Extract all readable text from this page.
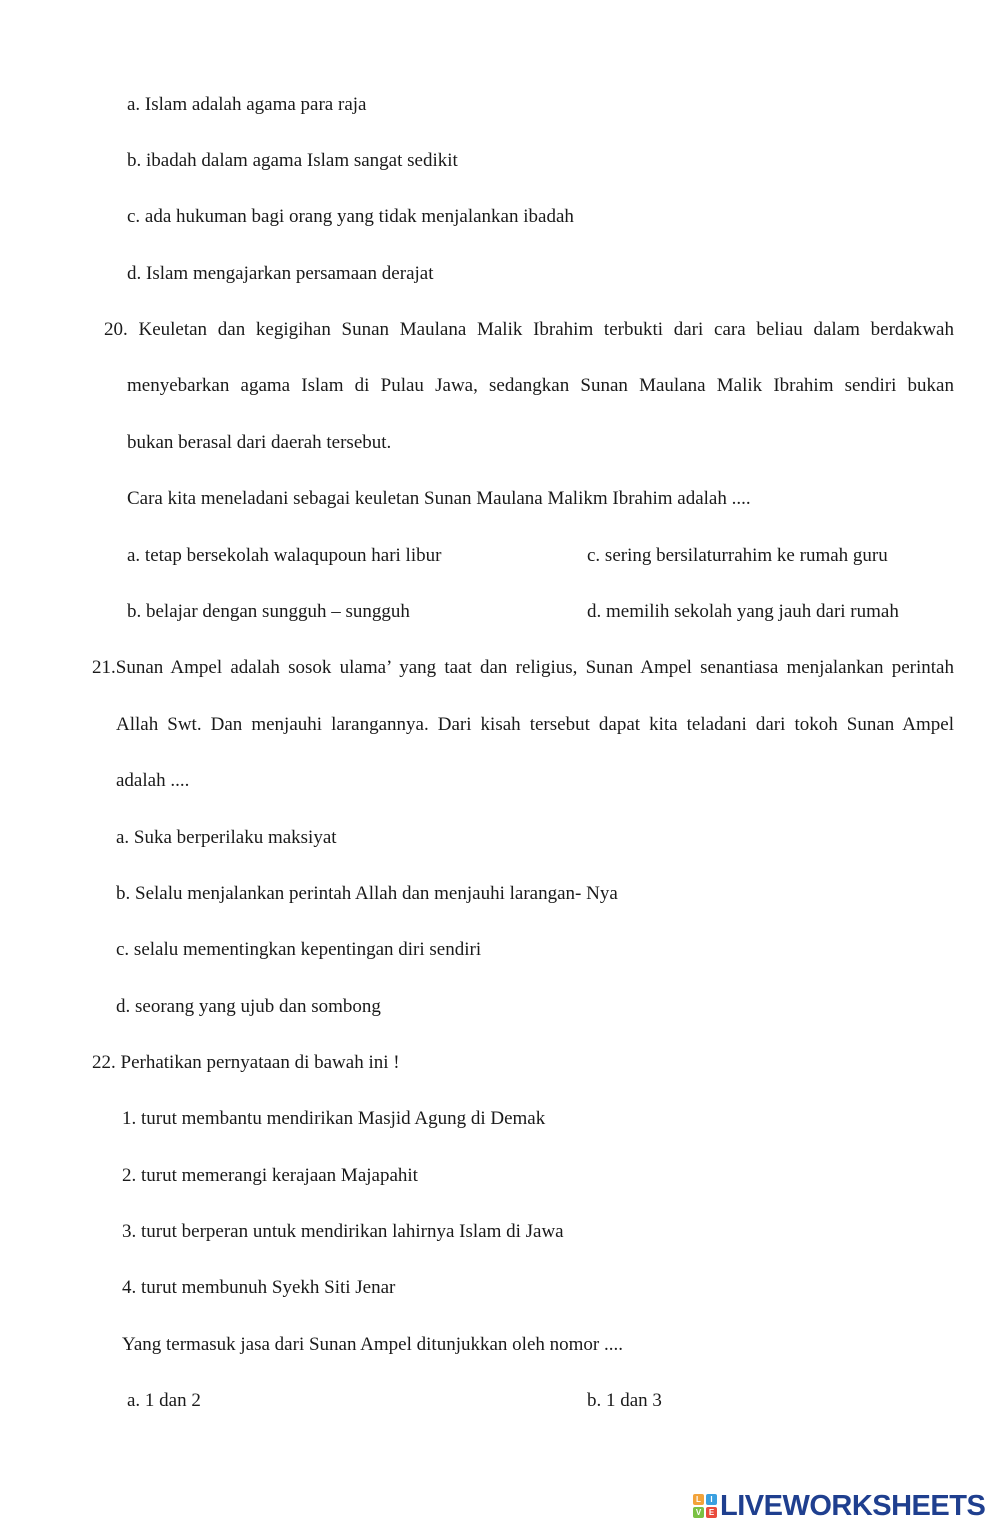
a. Islam adalah agama para raja
b. ibadah dalam agama Islam sangat sedikit
c. ada hukuman bagi orang yang tidak menjalankan ibadah
d. Islam mengajarkan persamaan derajat
20. Keuletan dan kegigihan Sunan Maulana Malik Ibrahim terbukti dari cara beliau dalam berdakwah
menyebarkan agama Islam di Pulau Jawa, sedangkan Sunan Maulana Malik Ibrahim sendiri bukan
bukan berasal dari daerah tersebut.
Cara kita meneladani sebagai keuletan Sunan Maulana Malikm Ibrahim adalah ....
a. tetap bersekolah walaqupoun hari libur	c. sering bersilaturrahim ke rumah guru
b. belajar dengan sungguh – sungguh	d. memilih sekolah yang jauh dari rumah
21.Sunan Ampel adalah sosok ulama’ yang taat dan religius, Sunan Ampel senantiasa menjalankan perintah
Allah Swt. Dan menjauhi larangannya. Dari kisah tersebut dapat kita teladani dari tokoh Sunan Ampel
adalah ....
a. Suka berperilaku maksiyat
b. Selalu menjalankan perintah Allah dan menjauhi larangan- Nya
c. selalu mementingkan kepentingan diri sendiri
d. seorang yang ujub dan sombong
22. Perhatikan pernyataan di bawah ini !
1. turut membantu mendirikan Masjid Agung di Demak
2. turut memerangi kerajaan Majapahit
3. turut berperan untuk mendirikan lahirnya Islam di Jawa
4. turut membunuh Syekh Siti Jenar
Yang termasuk jasa dari Sunan Ampel ditunjukkan oleh nomor ....
a. 1 dan 2	b. 1 dan 3
L	I
V E LIVEWORKSHEETS
